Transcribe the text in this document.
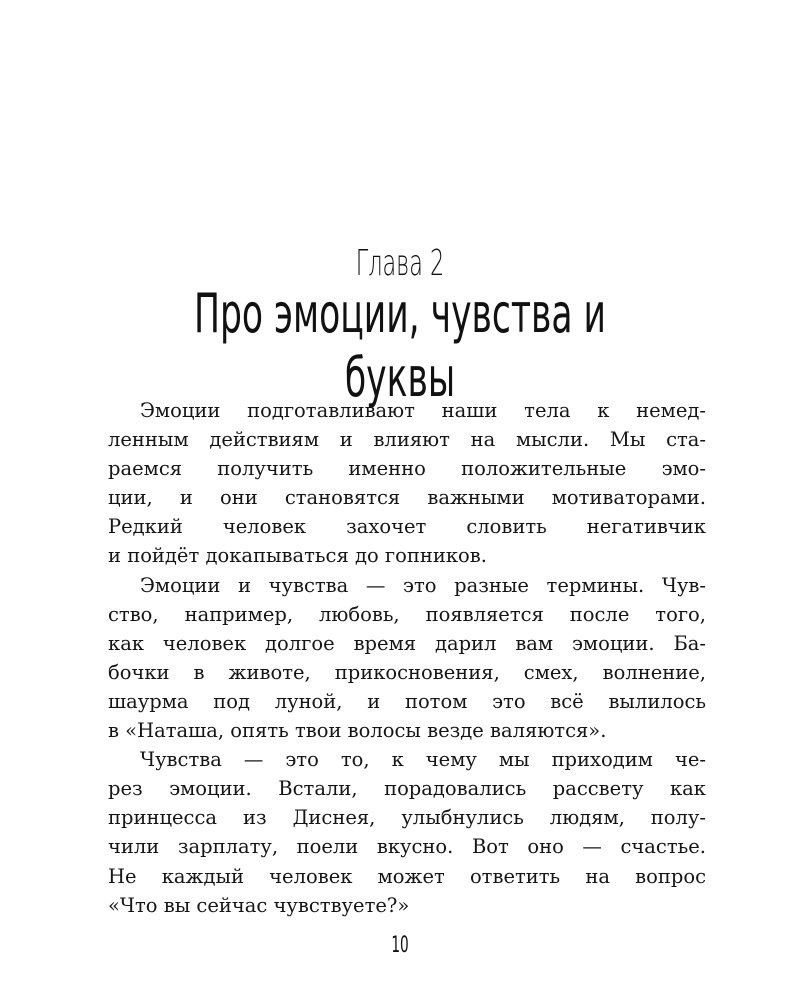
Глава 2
Про эмоции, чувства и буквы
Эмоции подготавливают наши тела к немед-
ленным действиям и влияют на мысли. Мы ста-
раемся получить именно положительные эмо-
ции, и они становятся важными мотиваторами.
Редкий человек захочет словить негативчик
и пойдёт докапываться до гопников.
Эмоции и чувства — это разные термины. Чув-
ство, например, любовь, появляется после того,
как человек долгое время дарил вам эмоции. Ба-
бочки в животе, прикосновения, смех, волнение,
шаурма под луной, и потом это всё вылилось
в «Наташа, опять твои волосы везде валяются».
Чувства — это то, к чему мы приходим че-
рез эмоции. Встали, порадовались рассвету как
принцесса из Диснея, улыбнулись людям, полу-
чили зарплату, поели вкусно. Вот оно — счастье.
Не каждый человек может ответить на вопрос
«Что вы сейчас чувствуете?»
10
